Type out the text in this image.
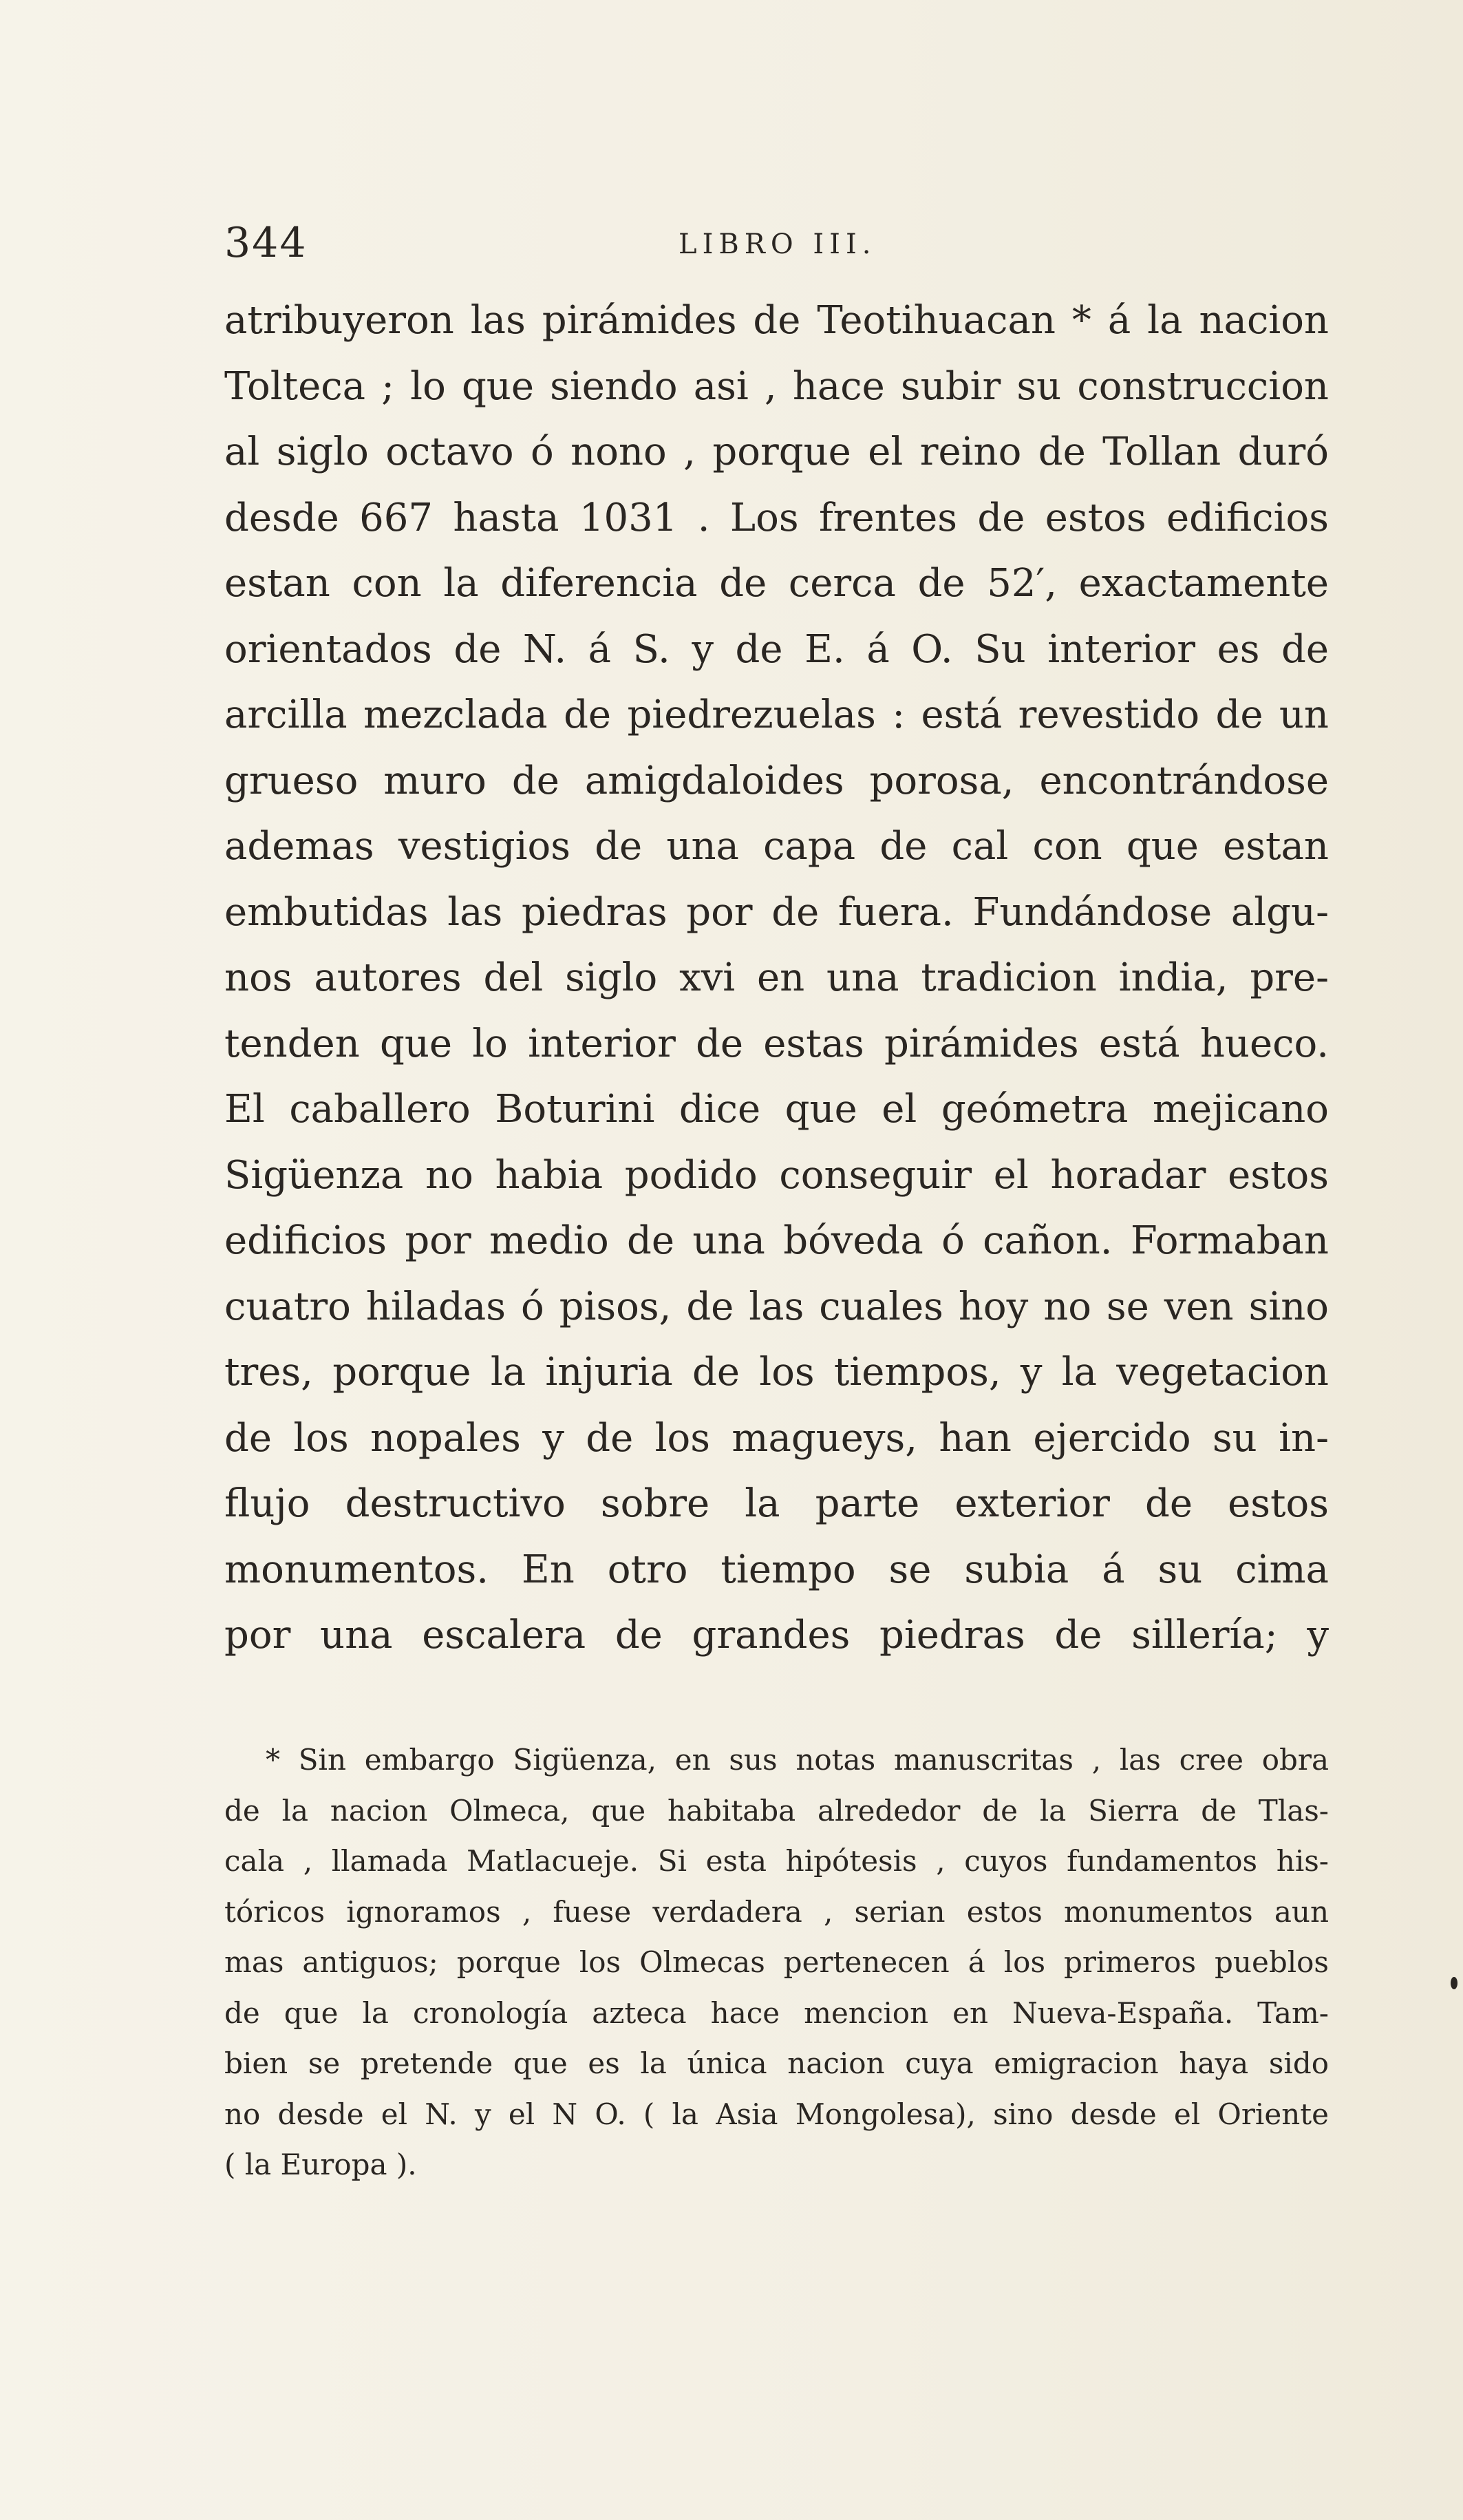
344	LIBRO III.
atribuyeron las pirámides de Teotihuacan * á la nacion
Tolteca ; lo que siendo asi , hace subir su construccion
al siglo octavo ó nono , porque el reino de Tollan duró
desde 667 hasta 1031 . Los frentes de estos edificios
estan con la diferencia de cerca de 52′, exactamente
orientados de N. á S. y de E. á O. Su interior es de
arcilla mezclada de piedrezuelas : está revestido de un
grueso muro de amigdaloides porosa, encontrándose
ademas vestigios de una capa de cal con que estan
embutidas las piedras por de fuera. Fundándose algu-
nos autores del siglo xvi en una tradicion india, pre-
tenden que lo interior de estas pirámides está hueco.
El caballero Boturini dice que el geómetra mejicano
Sigüenza no habia podido conseguir el horadar estos
edificios por medio de una bóveda ó cañon. Formaban
cuatro hiladas ó pisos, de las cuales hoy no se ven sino
tres, porque la injuria de los tiempos, y la vegetacion
de los nopales y de los magueys, han ejercido su in-
flujo destructivo sobre la parte exterior de estos
monumentos. En otro tiempo se subia á su cima
por una escalera de grandes piedras de sillería; y
* Sin embargo Sigüenza, en sus notas manuscritas , las cree obra
de la nacion Olmeca, que habitaba alrededor de la Sierra de Tlas-
cala , llamada Matlacueje. Si esta hipótesis , cuyos fundamentos his-
tóricos ignoramos , fuese verdadera , serian estos monumentos aun
mas antiguos; porque los Olmecas pertenecen á los primeros pueblos
de que la cronología azteca hace mencion en Nueva-España. Tam-
bien se pretende que es la única nacion cuya emigracion haya sido
no desde el N. y el N O. ( la Asia Mongolesa), sino desde el Oriente
( la Europa ).
